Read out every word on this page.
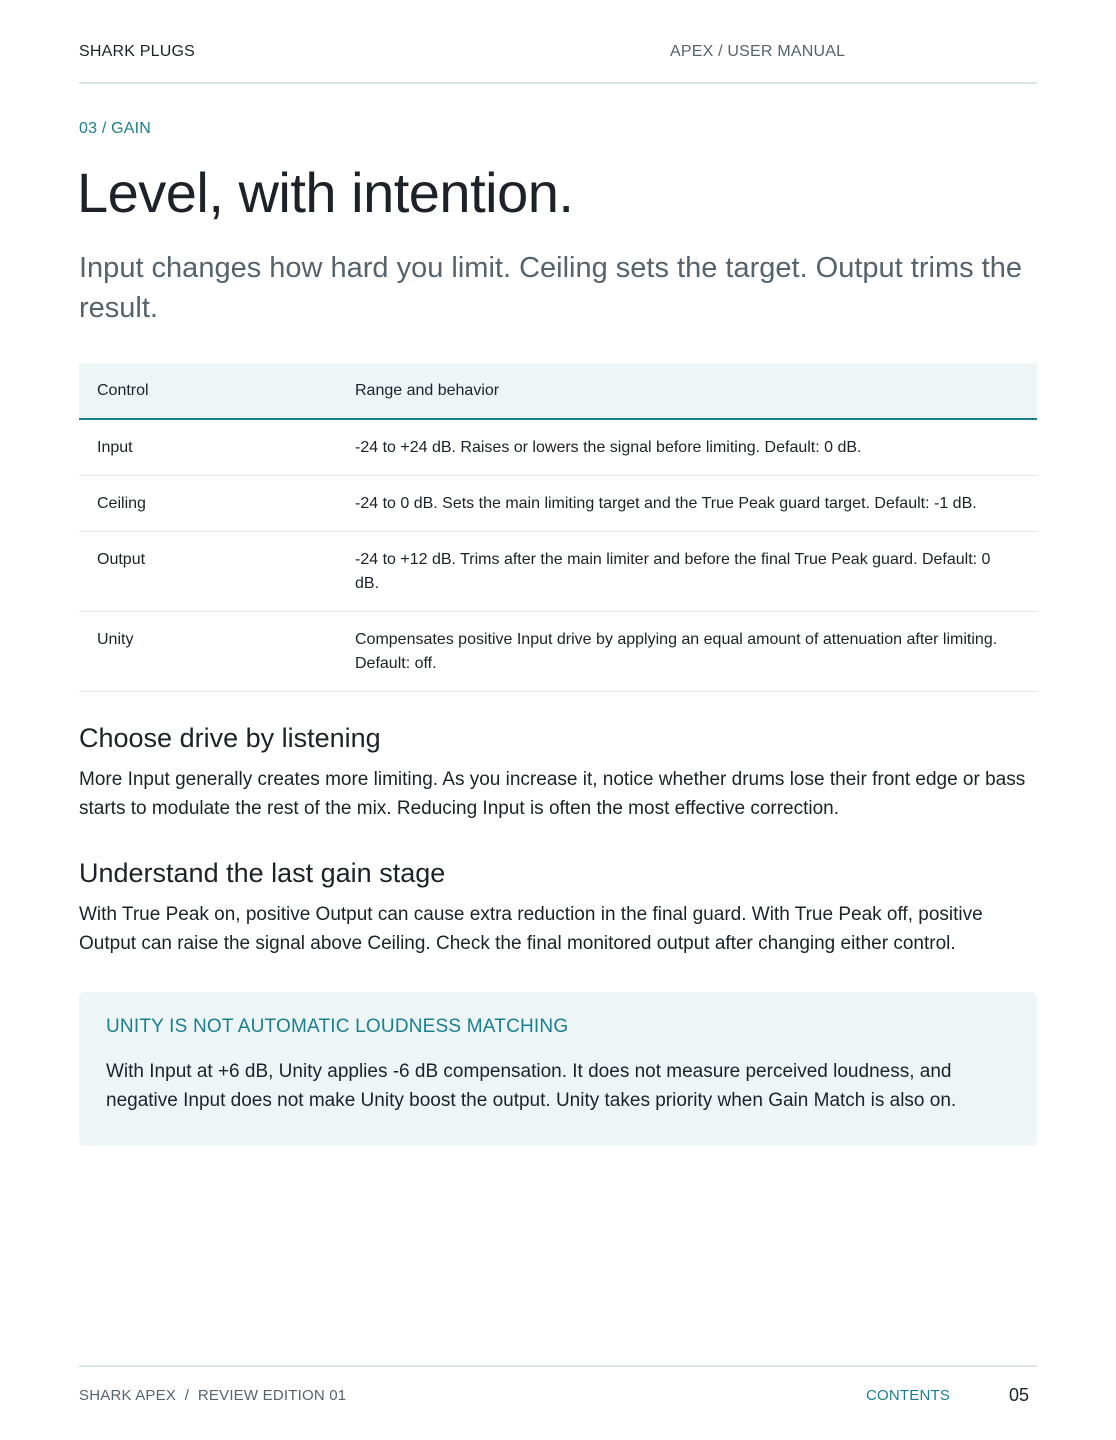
SHARK PLUGS	APEX / USER MANUAL
03 / GAIN
Level, with intention.

Input changes how hard you limit. Ceiling sets the target. Output trims the result.

Control	Range and behavior
Input	-24 to +24 dB. Raises or lowers the signal before limiting. Default: 0 dB.
Ceiling	-24 to 0 dB. Sets the main limiting target and the True Peak guard target. Default: -1 dB.
Output	-24 to +12 dB. Trims after the main limiter and before the final True Peak guard. Default: 0 dB.
Unity	Compensates positive Input drive by applying an equal amount of attenuation after limiting. Default: off.
Choose drive by listening

More Input generally creates more limiting. As you increase it, notice whether drums lose their front edge or bass starts to modulate the rest of the mix. Reducing Input is often the most effective correction.

Understand the last gain stage

With True Peak on, positive Output can cause extra reduction in the final guard. With True Peak off, positive Output can raise the signal above Ceiling. Check the final monitored output after changing either control.

UNITY IS NOT AUTOMATIC LOUDNESS MATCHING

With Input at +6 dB, Unity applies -6 dB compensation. It does not measure perceived loudness, and negative Input does not make Unity boost the output. Unity takes priority when Gain Match is also on.

SHARK APEX  /  REVIEW EDITION 01	CONTENTS	05
